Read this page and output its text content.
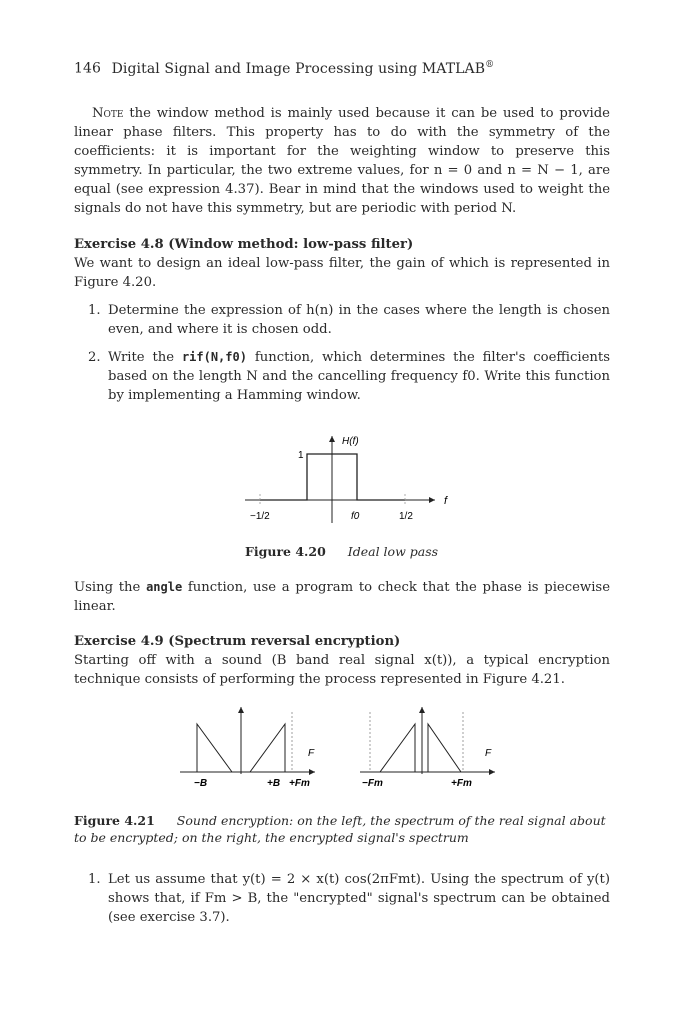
146 Digital Signal and Image Processing using MATLAB®
Note the window method is mainly used because it can be used to provide linear phase filters. This property has to do with the symmetry of the coefficients: it is important for the weighting window to preserve this symmetry. In particular, the two extreme values, for n = 0 and n = N − 1, are equal (see expression 4.37). Bear in mind that the windows used to weight the signals do not have this symmetry, but are periodic with period N.
Exercise 4.8 (Window method: low-pass filter)
We want to design an ideal low-pass filter, the gain of which is represented in Figure 4.20.
1. Determine the expression of h(n) in the cases where the length is chosen even, and where it is chosen odd.
2. Write the rif(N,f0) function, which determines the filter's coefficients based on the length N and the cancelling frequency f0. Write this function by implementing a Hamming window.
H(f)
1
f
−1/2	f0	1/2
Figure 4.20 Ideal low pass
Using the angle function, use a program to check that the phase is piecewise linear.
Exercise 4.9 (Spectrum reversal encryption)
Starting off with a sound (B band real signal x(t)), a typical encryption technique consists of performing the process represented in Figure 4.21.
F
−B	+B +Fm
F
−Fm	+Fm
Figure 4.21 Sound encryption: on the left, the spectrum of the real signal about to be encrypted; on the right, the encrypted signal's spectrum
1. Let us assume that y(t) = 2 × x(t) cos(2πFmt). Using the spectrum of y(t) shows that, if Fm > B, the "encrypted" signal's spectrum can be obtained (see exercise 3.7).
